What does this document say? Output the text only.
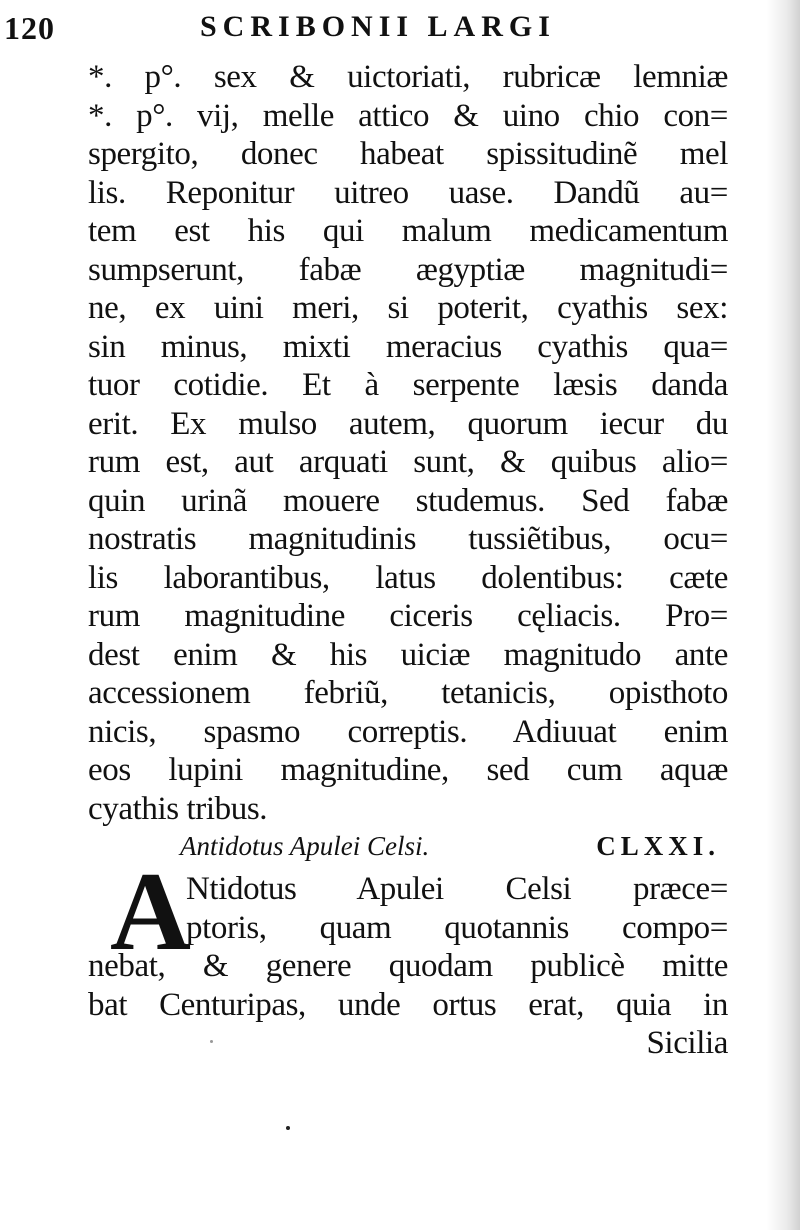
120	SCRIBONII LARGI
*. p°. sex & uictoriati, rubricæ lemniæ
*. p°. vij, melle attico & uino chio con=
spergito, donec habeat spissitudinẽ mel
lis. Reponitur uitreo uase. Dandũ au=
tem est his qui malum medicamentum
sumpserunt, fabæ ægyptiæ magnitudi=
ne, ex uini meri, si poterit, cyathis sex:
sin minus, mixti meracius cyathis qua=
tuor cotidie. Et à serpente læsis danda
erit. Ex mulso autem, quorum iecur du
rum est, aut arquati sunt, & quibus alio=
quin urinã mouere studemus. Sed fabæ
nostratis magnitudinis tussiẽtibus, ocu=
lis laborantibus, latus dolentibus: cæte
rum magnitudine ciceris cęliacis. Pro=
dest enim & his uiciæ magnitudo ante
accessionem febriũ, tetanicis, opisthoto
nicis, spasmo correptis. Adiuuat enim
eos lupini magnitudine, sed cum aquæ
cyathis tribus.
Antidotus Apulei Celsi.	CLXXI.
A
Ntidotus Apulei Celsi præce=
ptoris, quam quotannis compo=
nebat, & genere quodam publicè mitte
bat Centuripas, unde ortus erat, quia in
Sicilia
